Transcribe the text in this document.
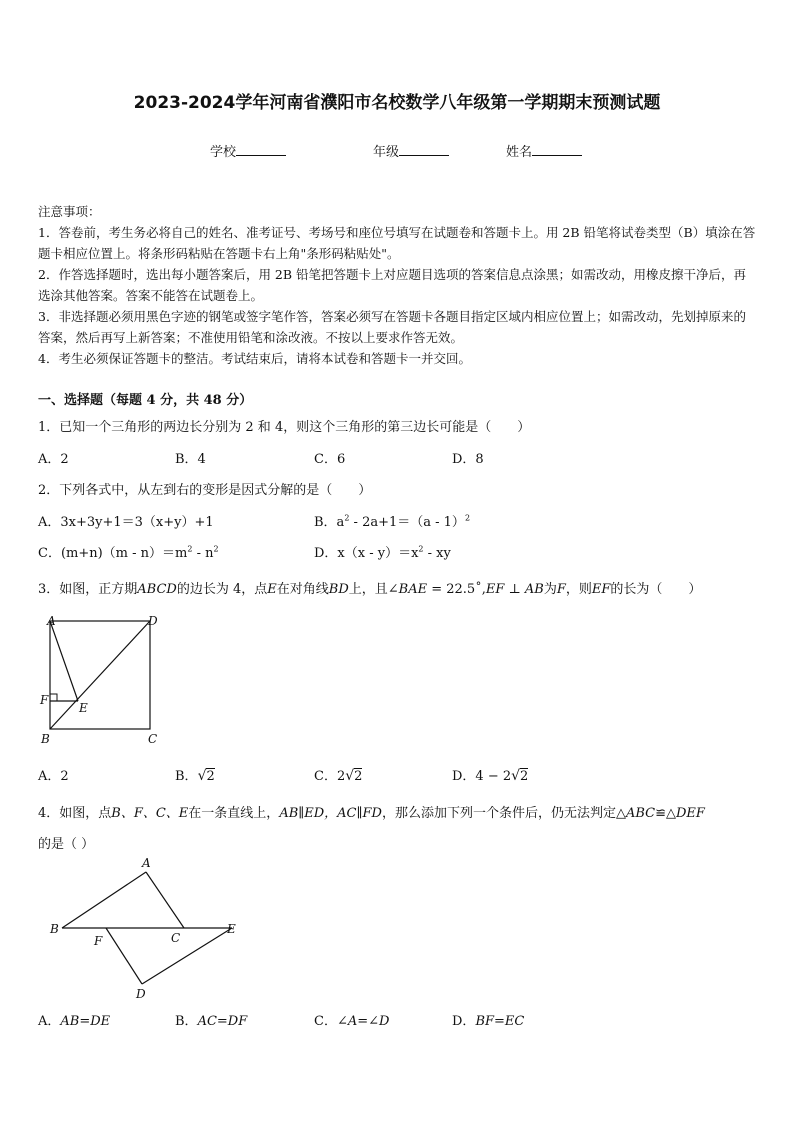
2023-2024学年河南省濮阳市名校数学八年级第一学期期末预测试题
学校	年级	姓名
注意事项：
1．答卷前，考生务必将自己的姓名、准考证号、考场号和座位号填写在试题卷和答题卡上。用 2B 铅笔将试卷类型（B）填涂在答题卡相应位置上。将条形码粘贴在答题卡右上角"条形码粘贴处"。
2．作答选择题时，选出每小题答案后，用 2B 铅笔把答题卡上对应题目选项的答案信息点涂黑；如需改动，用橡皮擦干净后，再选涂其他答案。答案不能答在试题卷上。
3．非选择题必须用黑色字迹的钢笔或签字笔作答，答案必须写在答题卡各题目指定区域内相应位置上；如需改动，先划掉原来的答案，然后再写上新答案；不准使用铅笔和涂改液。不按以上要求作答无效。
4．考生必须保证答题卡的整洁。考试结束后，请将本试卷和答题卡一并交回。
一、选择题（每题 4 分，共 48 分）
1．已知一个三角形的两边长分别为 2 和 4，则这个三角形的第三边长可能是（　　）
A．2	B．4	C．6	D．8
2．下列各式中，从左到右的变形是因式分解的是（　　）
A．3x+3y+1＝3（x+y）+1	B．$a^2 - 2a+1=(a - 1)^2$
C．$(m+n)(m - n)=m^2 - n^2$	D．$x(x - y)=x^2$ - xy
3．如图，正方期ABCD的边长为 4，点E在对角线BD上，且∠BAE = 22.5˚,EF ⊥ AB为F，则EF的长为（　　）
A	D
F
E
B	C
A．2	B．√2	C．2√2	D．4 − 2√2
4．如图，点B、F、C、E在一条直线上，AB∥ED，AC∥FD，那么添加下列一个条件后，仍无法判定△ABC≌△DEF
的是（ ）
A
B
F	C
E
D
A．AB=DE	B．AC=DF	C．∠A=∠D	D．BF=EC
